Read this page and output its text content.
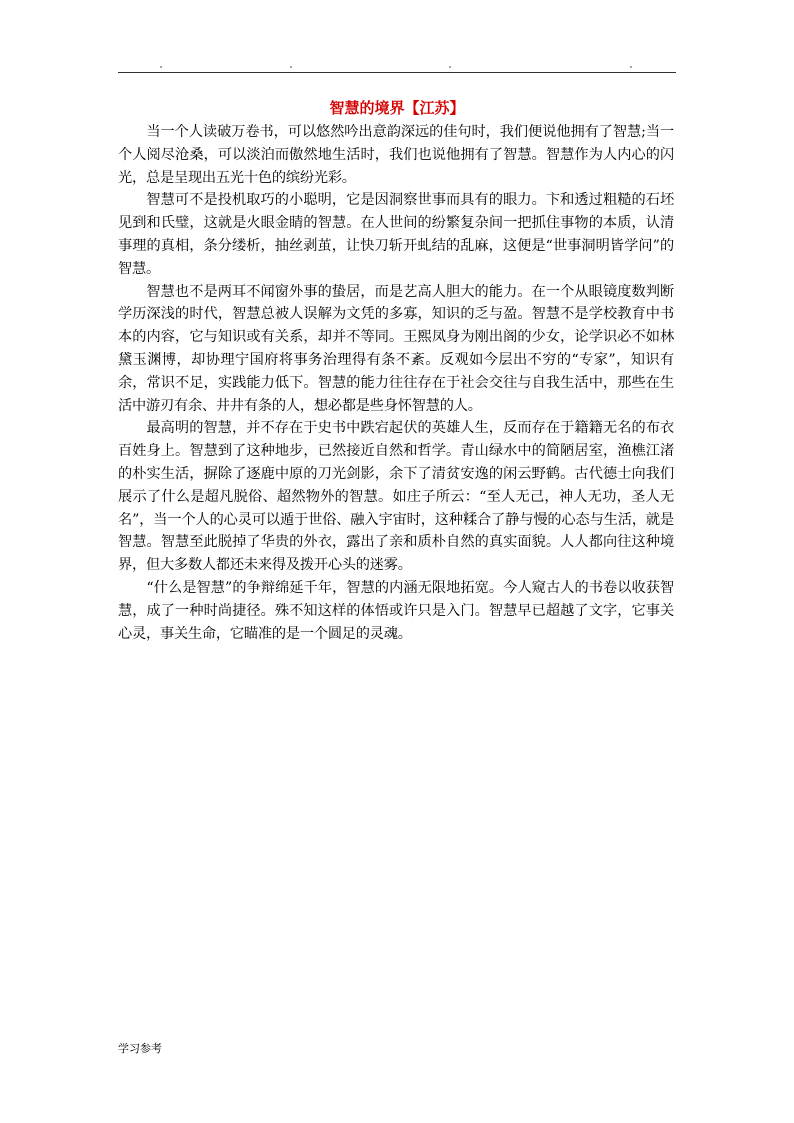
智慧的境界【江苏】

当一个人读破万卷书，可以悠然吟出意韵深远的佳句时，我们便说他拥有了智慧;当一个人阅尽沧桑，可以淡泊而傲然地生活时，我们也说他拥有了智慧。智慧作为人内心的闪光，总是呈现出五光十色的缤纷光彩。

智慧可不是投机取巧的小聪明，它是因洞察世事而具有的眼力。卞和透过粗糙的石坯见到和氏璧，这就是火眼金睛的智慧。在人世间的纷繁复杂间一把抓住事物的本质，认清事理的真相，条分缕析，抽丝剥茧，让快刀斩开虬结的乱麻，这便是“世事洞明皆学问”的智慧。

智慧也不是两耳不闻窗外事的蛰居，而是艺高人胆大的能力。在一个从眼镜度数判断学历深浅的时代，智慧总被人误解为文凭的多寡，知识的乏与盈。智慧不是学校教育中书本的内容，它与知识或有关系，却并不等同。王熙凤身为刚出阁的少女，论学识必不如林黛玉渊博，却协理宁国府将事务治理得有条不紊。反观如今层出不穷的“专家”，知识有余，常识不足，实践能力低下。智慧的能力往往存在于社会交往与自我生活中，那些在生活中游刃有余、井井有条的人，想必都是些身怀智慧的人。

最高明的智慧，并不存在于史书中跌宕起伏的英雄人生，反而存在于籍籍无名的布衣百姓身上。智慧到了这种地步，已然接近自然和哲学。青山绿水中的简陋居室，渔樵江渚的朴实生活，摒除了逐鹿中原的刀光剑影，余下了清贫安逸的闲云野鹤。古代德士向我们展示了什么是超凡脱俗、超然物外的智慧。如庄子所云：“至人无己，神人无功，圣人无名”，当一个人的心灵可以遁于世俗、融入宇宙时，这种糅合了静与慢的心态与生活，就是智慧。智慧至此脱掉了华贵的外衣，露出了亲和质朴自然的真实面貌。人人都向往这种境界，但大多数人都还未来得及拨开心头的迷雾。

“什么是智慧”的争辩绵延千年，智慧的内涵无限地拓宽。今人窥古人的书卷以收获智慧，成了一种时尚捷径。殊不知这样的体悟或许只是入门。智慧早已超越了文字，它事关心灵，事关生命，它瞄准的是一个圆足的灵魂。

学习参考
